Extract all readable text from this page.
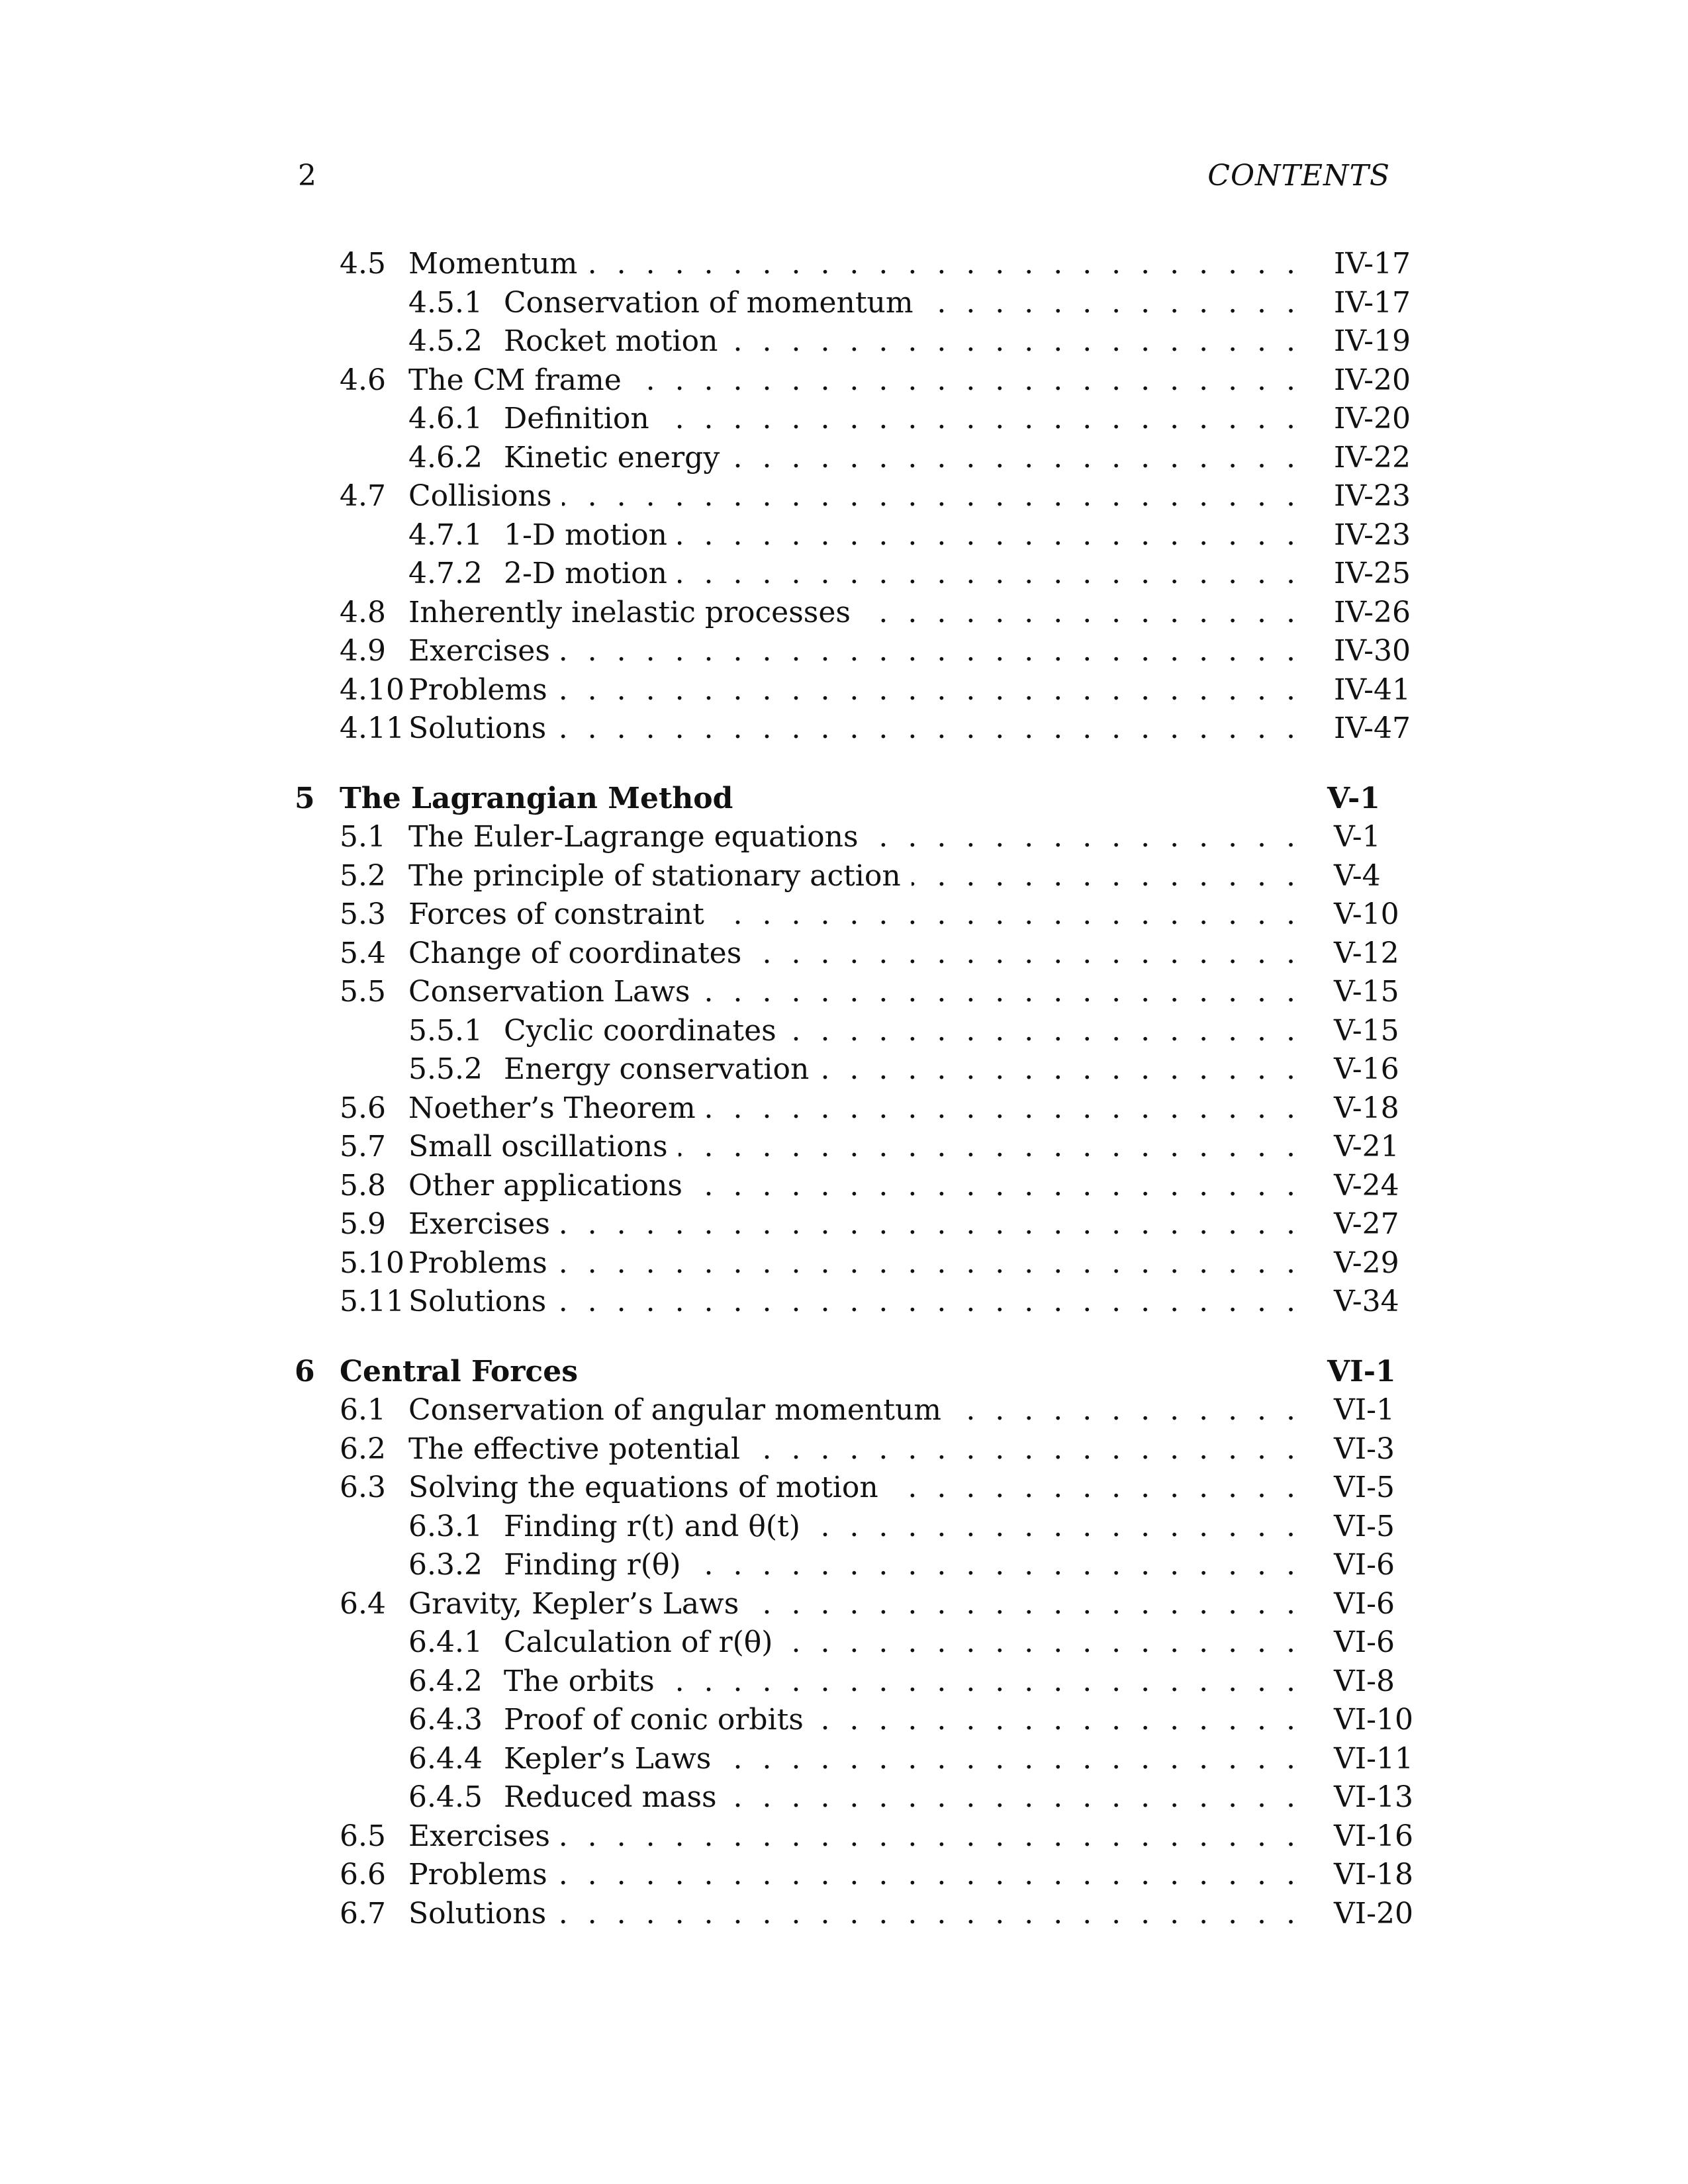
2	CONTENTS
. . .
4.5 Momentum	IV-17
. . .
4.5.1 Conservation of momentum	IV-17
. . .
4.5.2 Rocket motion	IV-19
. . .
4.6 The CM frame	IV-20
. . .
4.6.1 Definition	IV-20
. . .
4.6.2 Kinetic energy	IV-22
. . .
4.7 Collisions	IV-23
. . .
4.7.1 1-D motion	IV-23
. . .
4.7.2 2-D motion	IV-25
. . .
4.8 Inherently inelastic processes	IV-26
. . .
4.9 Exercises	IV-30
. . .
4.10 Problems	IV-41
. . .
4.11 Solutions	IV-47
5 The Lagrangian Method	V-1
. . .
5.1 The Euler-Lagrange equations	V-1
. . .
5.2 The principle of stationary action	V-4
. . .
5.3 Forces of constraint	V-10
. . .
5.4 Change of coordinates	V-12
. . .
5.5 Conservation Laws	V-15
. . .
5.5.1 Cyclic coordinates	V-15
. . .
5.5.2 Energy conservation	V-16
. . .
5.6 Noether’s Theorem	V-18
. . .
5.7 Small oscillations	V-21
. . .
5.8 Other applications	V-24
. . .
5.9 Exercises	V-27
. . .
5.10 Problems	V-29
. . .
5.11 Solutions	V-34
6 Central Forces	VI-1
. . .
6.1 Conservation of angular momentum	VI-1
. . .
6.2 The effective potential	VI-3
. . .
6.3 Solving the equations of motion	VI-5
. . .
6.3.1 Finding r(t) and θ(t)	VI-5
. . .
6.3.2 Finding r(θ)	VI-6
. . .
6.4 Gravity, Kepler’s Laws	VI-6
. . .
6.4.1 Calculation of r(θ)	VI-6
. . .
6.4.2 The orbits	VI-8
. . .
6.4.3 Proof of conic orbits	VI-10
. . .
6.4.4 Kepler’s Laws	VI-11
. . .
6.4.5 Reduced mass	VI-13
. . .
6.5 Exercises	VI-16
. . .
6.6 Problems	VI-18
. . .
6.7 Solutions	VI-20
